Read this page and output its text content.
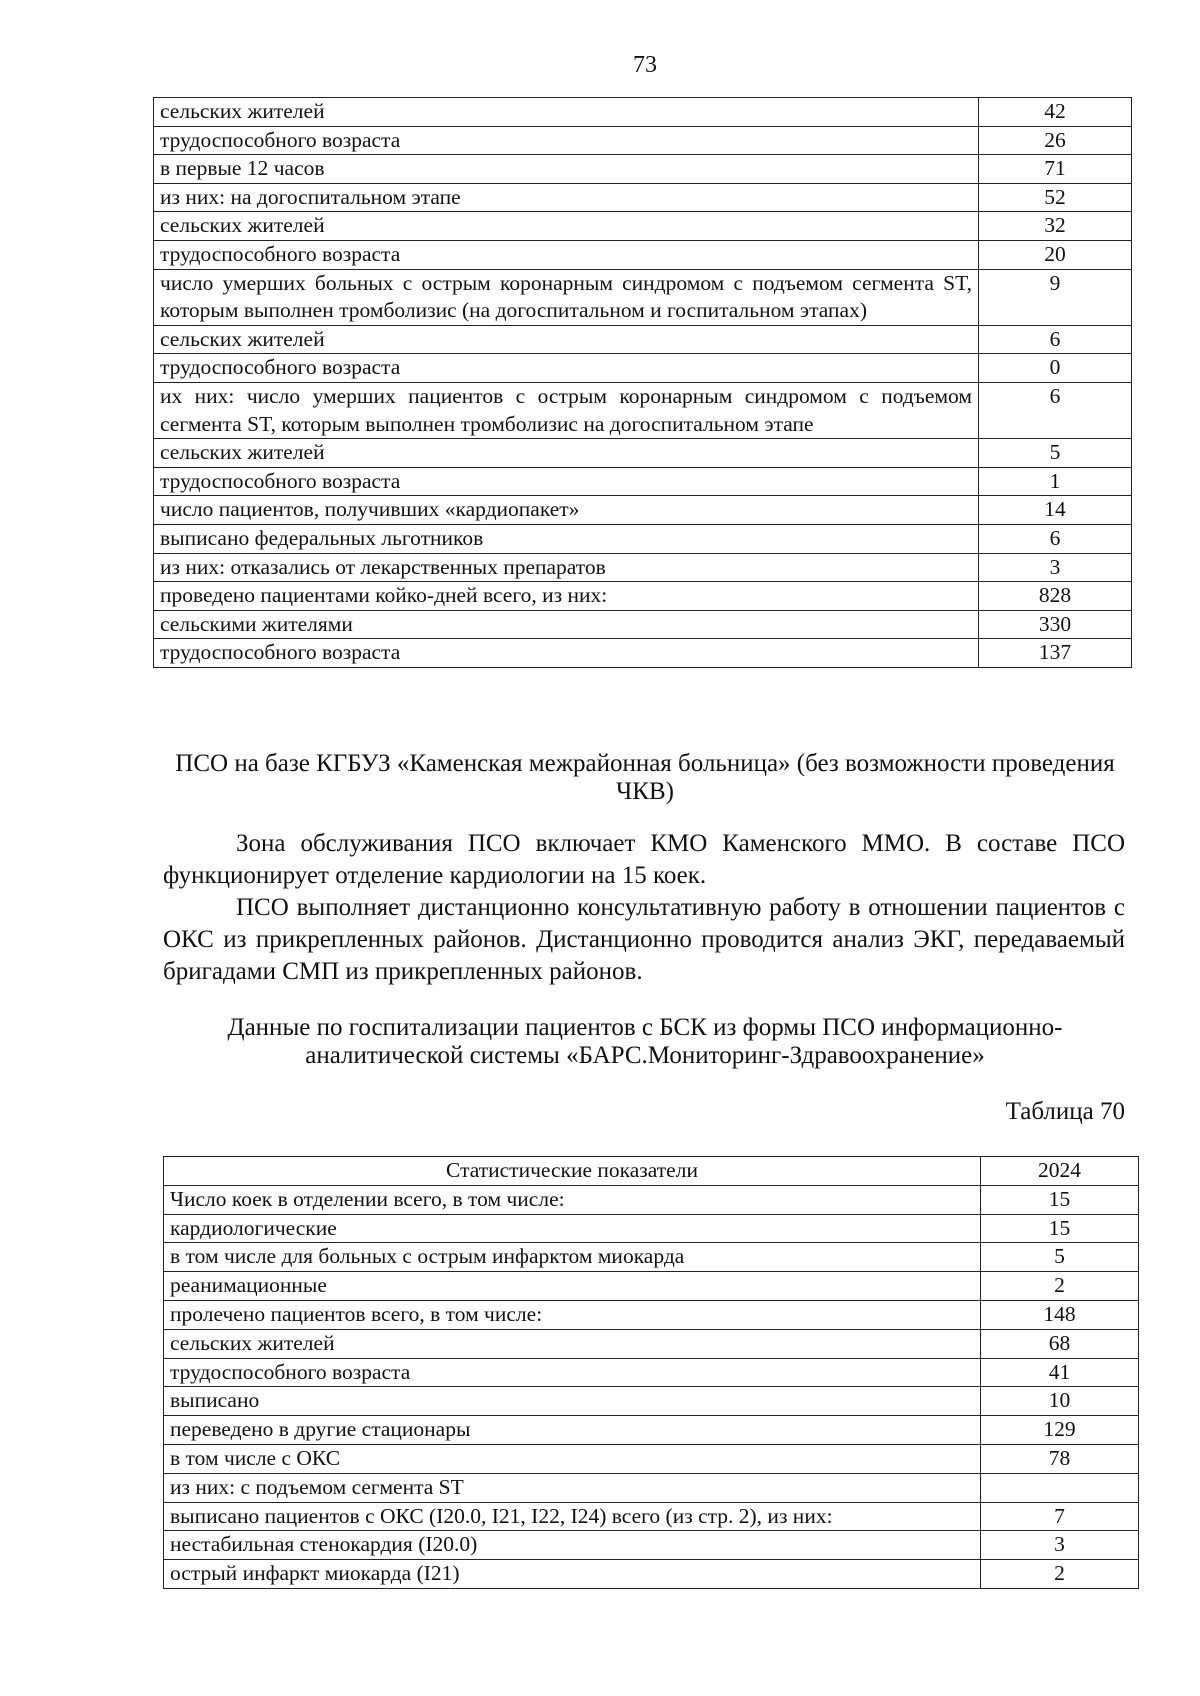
73
сельских жителей	42
трудоспособного возраста	26
в первые 12 часов	71
из них: на догоспитальном этапе	52
сельских жителей	32
трудоспособного возраста	20
число умерших больных с острым коронарным синдромом с подъемом сегмента ST, которым выполнен тромболизис (на догоспитальном и госпитальном этапах)	9
сельских жителей	6
трудоспособного возраста	0
их них: число умерших пациентов с острым коронарным синдромом с подъемом сегмента ST, которым выполнен тромболизис на догоспитальном этапе	6
сельских жителей	5
трудоспособного возраста	1
число пациентов, получивших «кардиопакет»	14
выписано федеральных льготников	6
из них: отказались от лекарственных препаратов	3
проведено пациентами койко-дней всего, из них:	828
сельскими жителями	330
трудоспособного возраста	137
ПСО на базе КГБУЗ «Каменская межрайонная больница» (без возможности проведения ЧКВ)

Зона обслуживания ПСО включает КМО Каменского ММО. В составе ПСО функционирует отделение кардиологии на 15 коек.

ПСО выполняет дистанционно консультативную работу в отношении пациентов с ОКС из прикрепленных районов. Дистанционно проводится анализ ЭКГ, передаваемый бригадами СМП из прикрепленных районов.

Данные по госпитализации пациентов с БСК из формы ПСО информационно-аналитической системы «БАРС.Мониторинг-Здравоохранение»
Таблица 70
Статистические показатели	2024
Число коек в отделении всего, в том числе:	15
кардиологические	15
в том числе для больных с острым инфарктом миокарда	5
реанимационные	2
пролечено пациентов всего, в том числе:	148
сельских жителей	68
трудоспособного возраста	41
выписано	10
переведено в другие стационары	129
в том числе с ОКС	78
из них: с подъемом сегмента ST	
выписано пациентов с ОКС (I20.0, I21, I22, I24) всего (из стр. 2), из них:	7
нестабильная стенокардия (I20.0)	3
острый инфаркт миокарда (I21)	2
